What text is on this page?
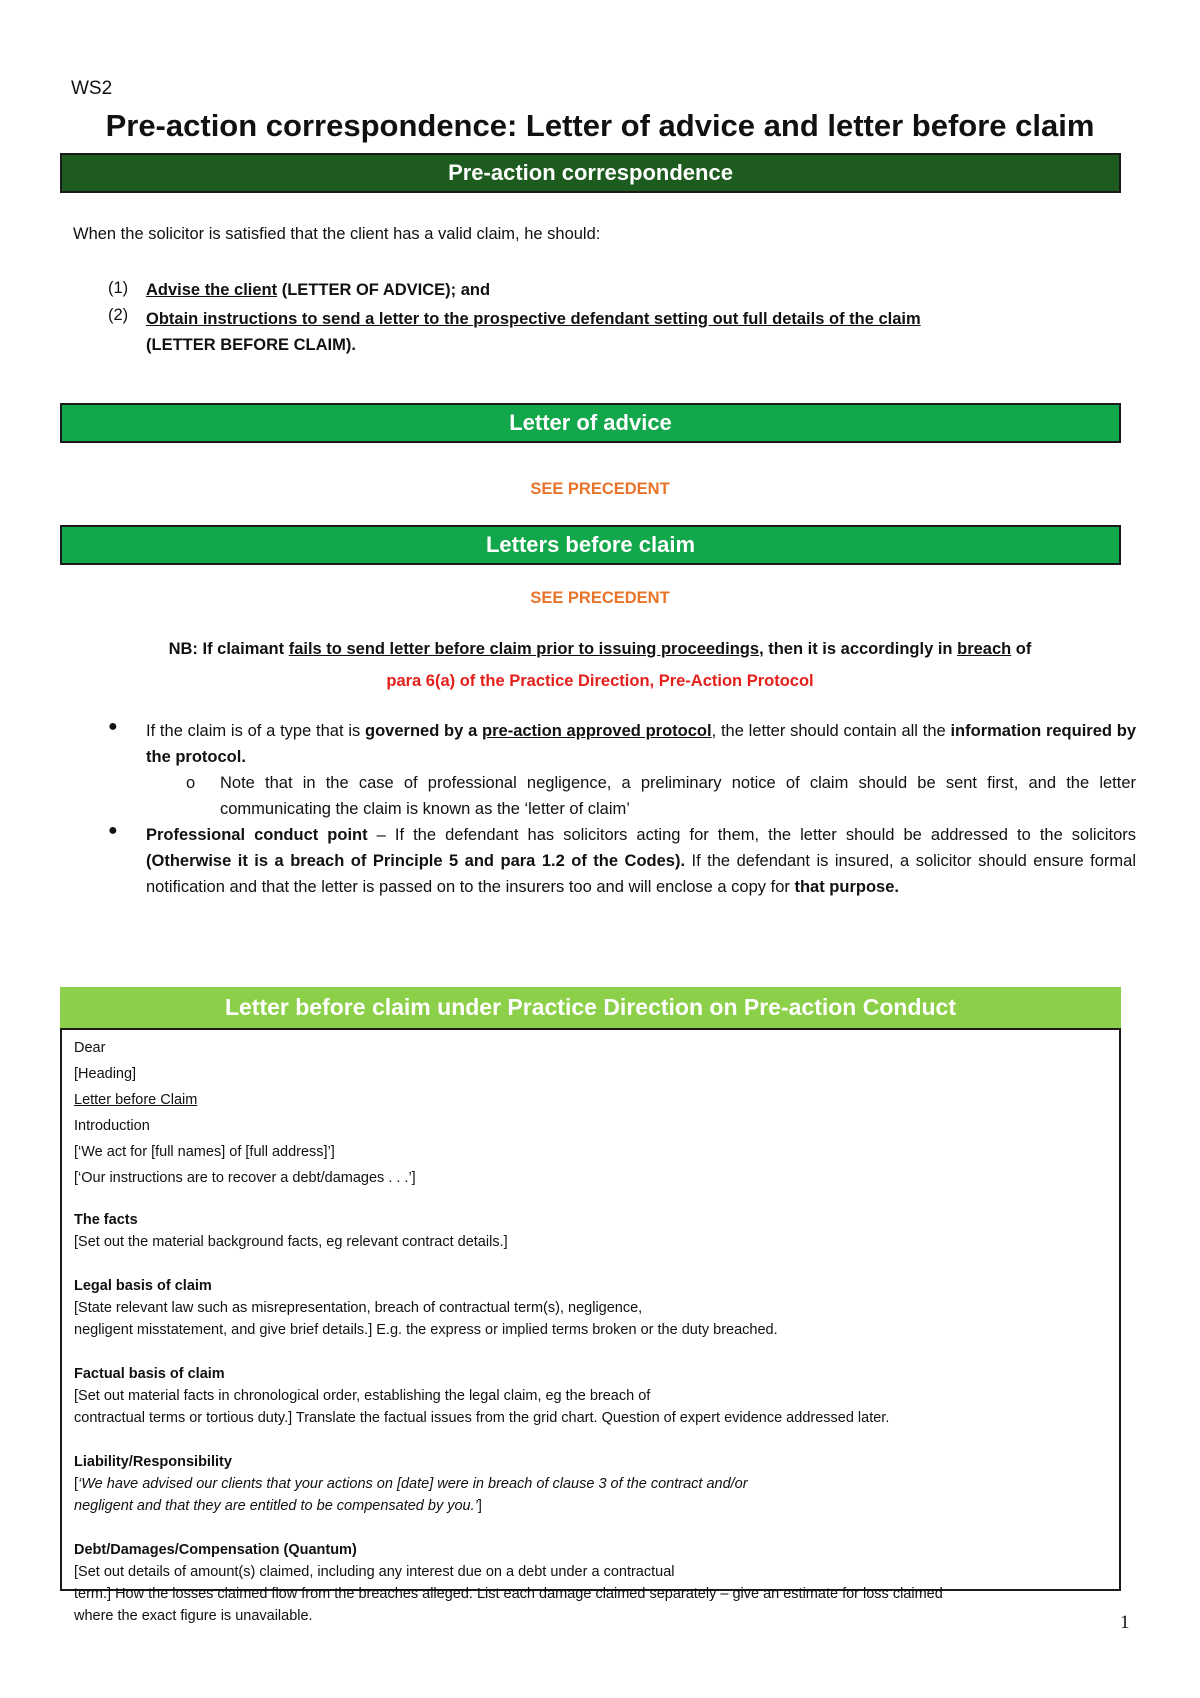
WS2
Pre-action correspondence: Letter of advice and letter before claim
Pre-action correspondence
When the solicitor is satisfied that the client has a valid claim, he should:
(1) Advise the client (LETTER OF ADVICE); and
(2) Obtain instructions to send a letter to the prospective defendant setting out full details of the claim
(LETTER BEFORE CLAIM).
Letter of advice
SEE PRECEDENT
Letters before claim
SEE PRECEDENT
NB: If claimant fails to send letter before claim prior to issuing proceedings, then it is accordingly in breach of
para 6(a) of the Practice Direction, Pre-Action Protocol
● If the claim is of a type that is governed by a pre-action approved protocol, the letter should contain all the information required by the protocol.
o Note that in the case of professional negligence, a preliminary notice of claim should be sent first, and the letter communicating the claim is known as the ‘letter of claim’
● Professional conduct point – If the defendant has solicitors acting for them, the letter should be addressed to the solicitors (Otherwise it is a breach of Principle 5 and para 1.2 of the Codes). If the defendant is insured, a solicitor should ensure formal notification and that the letter is passed on to the insurers too and will enclose a copy for that purpose.
Letter before claim under Practice Direction on Pre-action Conduct
Dear
[Heading]
Letter before Claim
Introduction
[‘We act for [full names] of [full address]’]
[‘Our instructions are to recover a debt/damages . . .’]
The facts
[Set out the material background facts, eg relevant contract details.]
Legal basis of claim
[State relevant law such as misrepresentation, breach of contractual term(s), negligence,
negligent misstatement, and give brief details.] E.g. the express or implied terms broken or the duty breached.
Factual basis of claim
[Set out material facts in chronological order, establishing the legal claim, eg the breach of
contractual terms or tortious duty.] Translate the factual issues from the grid chart. Question of expert evidence addressed later.
Liability/Responsibility
[‘We have advised our clients that your actions on [date] were in breach of clause 3 of the contract and/or
negligent and that they are entitled to be compensated by you.’]
Debt/Damages/Compensation (Quantum)
[Set out details of amount(s) claimed, including any interest due on a debt under a contractual
term.] How the losses claimed flow from the breaches alleged. List each damage claimed separately – give an estimate for loss claimed
where the exact figure is unavailable.	1
